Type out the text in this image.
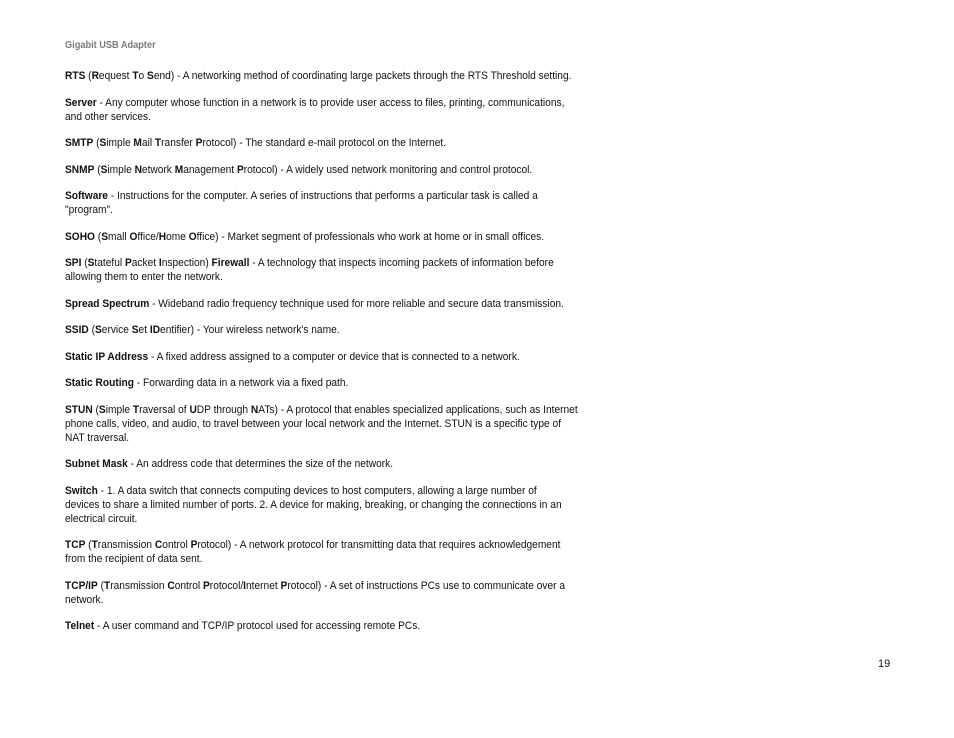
Gigabit USB Adapter

RTS (Request To Send) - A networking method of coordinating large packets through the RTS Threshold setting.

Server - Any computer whose function in a network is to provide user access to files, printing, communications,
and other services.

SMTP (Simple Mail Transfer Protocol) - The standard e-mail protocol on the Internet.

SNMP (Simple Network Management Protocol) - A widely used network monitoring and control protocol.

Software - Instructions for the computer. A series of instructions that performs a particular task is called a
"program".

SOHO (Small Office/Home Office) - Market segment of professionals who work at home or in small offices.

SPI (Stateful Packet Inspection) Firewall - A technology that inspects incoming packets of information before
allowing them to enter the network.

Spread Spectrum - Wideband radio frequency technique used for more reliable and secure data transmission.

SSID (Service Set IDentifier) - Your wireless network's name.

Static IP Address - A fixed address assigned to a computer or device that is connected to a network.

Static Routing - Forwarding data in a network via a fixed path.

STUN (Simple Traversal of UDP through NATs) - A protocol that enables specialized applications, such as Internet
phone calls, video, and audio, to travel between your local network and the Internet. STUN is a specific type of
NAT traversal.

Subnet Mask - An address code that determines the size of the network.

Switch - 1. A data switch that connects computing devices to host computers, allowing a large number of
devices to share a limited number of ports. 2. A device for making, breaking, or changing the connections in an
electrical circuit.

TCP (Transmission Control Protocol) - A network protocol for transmitting data that requires acknowledgement
from the recipient of data sent.

TCP/IP (Transmission Control Protocol/Internet Protocol) - A set of instructions PCs use to communicate over a
network.

Telnet - A user command and TCP/IP protocol used for accessing remote PCs.

19
